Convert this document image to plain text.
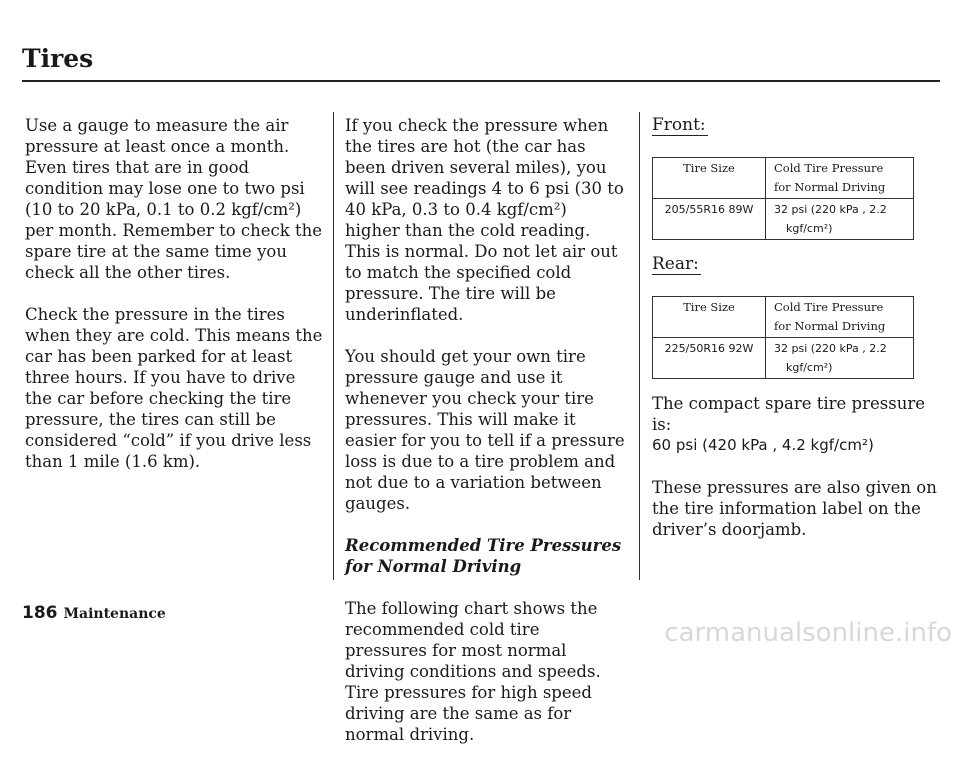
Tires

Use a gauge to measure the air pressure at least once a month. Even tires that are in good condition may lose one to two psi (10 to 20 kPa, 0.1 to 0.2 kgf/cm²) per month. Remember to check the spare tire at the same time you check all the other tires.

Check the pressure in the tires when they are cold. This means the car has been parked for at least three hours. If you have to drive the car before checking the tire pressure, the tires can still be considered “cold” if you drive less than 1 mile (1.6 km).

If you check the pressure when the tires are hot (the car has been driven several miles), you will see readings 4 to 6 psi (30 to 40 kPa, 0.3 to 0.4 kgf/cm²) higher than the cold reading. This is normal. Do not let air out to match the specified cold pressure. The tire will be underinflated.

You should get your own tire pressure gauge and use it whenever you check your tire pressures. This will make it easier for you to tell if a pressure loss is due to a tire problem and not due to a variation between gauges.

Recommended Tire Pressures for Normal Driving

The following chart shows the recommended cold tire pressures for most normal driving conditions and speeds. Tire pressures for high speed driving are the same as for normal driving.

Front:

Tire Size	Cold Tire Pressure
for Normal Driving

205/55R16 89W	32 psi (220 kPa , 2.2
kgf/cm²)

Rear:

Tire Size	Cold Tire Pressure
for Normal Driving

225/50R16 92W	32 psi (220 kPa , 2.2
kgf/cm²)

The compact spare tire pressure is:

60 psi (420 kPa , 4.2 kgf/cm²)

These pressures are also given on the tire information label on the driver’s doorjamb.

186 Maintenance
carmanualsonline.info
